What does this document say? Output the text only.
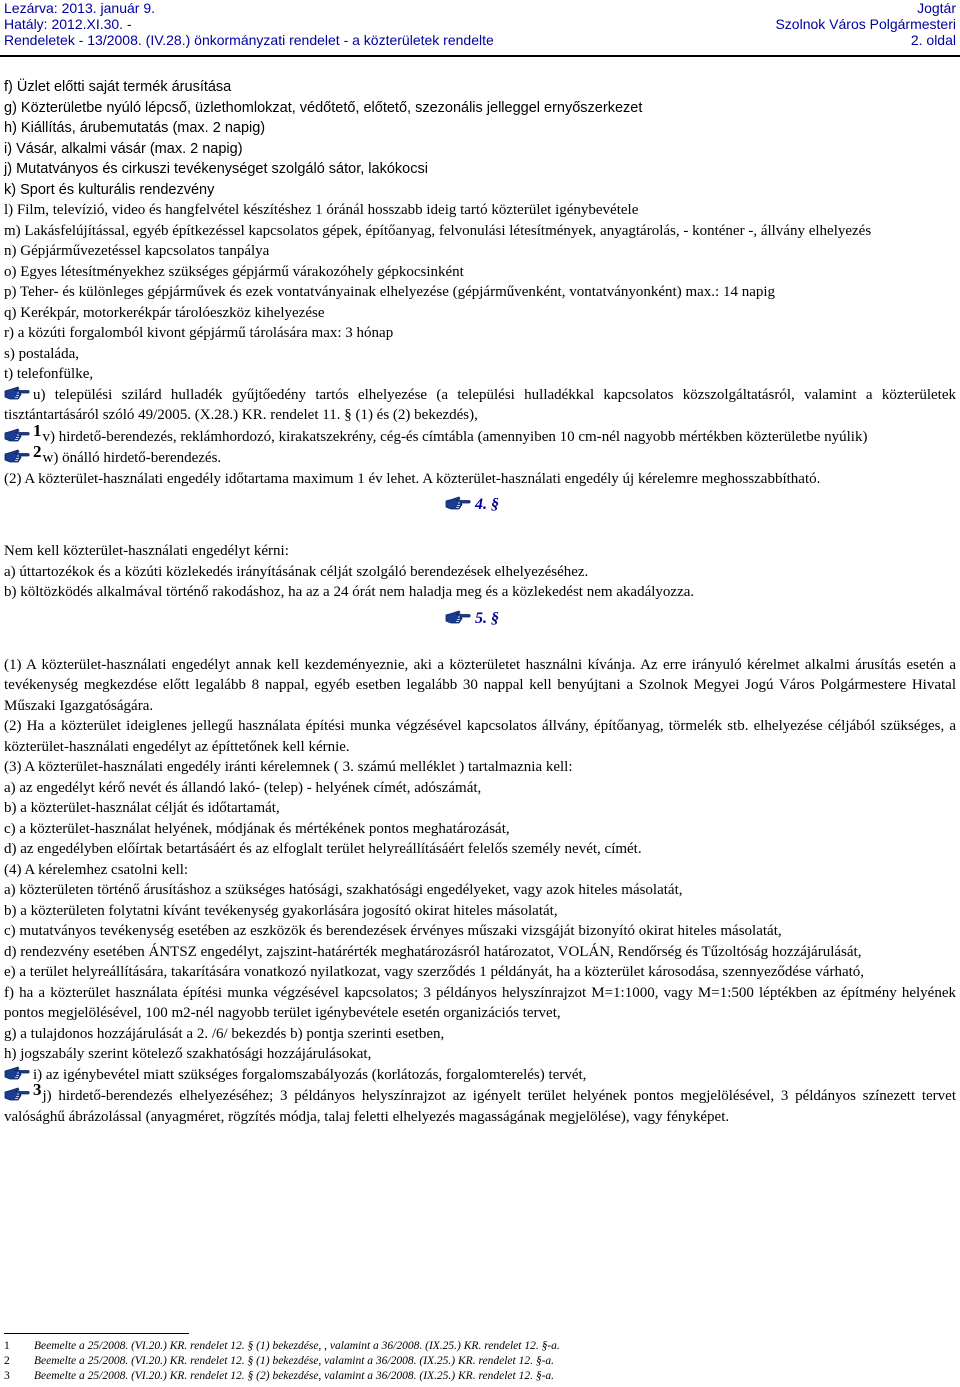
Lezárva: 2013. január 9.
Hatály: 2012.XI.30. -
Rendeletek - 13/2008. (IV.28.) önkormányzati rendelet - a közterületek rendelte
Jogtár
Szolnok Város Polgármesteri
2. oldal

f) Üzlet előtti saját termék árusítása

g) Közterületbe nyúló lépcső, üzlethomlokzat, védőtető, előtető, szezonális jelleggel ernyőszerkezet

h) Kiállítás, árubemutatás (max. 2 napig)

i) Vásár, alkalmi vásár (max. 2 napig)

j) Mutatványos és cirkuszi tevékenységet szolgáló sátor, lakókocsi

k) Sport és kulturális rendezvény

l) Film, televízió, video és hangfelvétel készítéshez 1 óránál hosszabb ideig tartó közterület igénybevétele

m) Lakásfelújítással, egyéb építkezéssel kapcsolatos gépek, építőanyag, felvonulási létesítmények, anyagtárolás, - konténer -, állvány elhelyezés

n) Gépjárművezetéssel kapcsolatos tanpálya

o) Egyes létesítményekhez szükséges gépjármű várakozóhely gépkocsinként

p) Teher- és különleges gépjárművek és ezek vontatványainak elhelyezése (gépjárművenként, vontatványonként) max.: 14 napig

q) Kerékpár, motorkerékpár tárolóeszköz kihelyezése

r) a közúti forgalomból kivont gépjármű tárolására max: 3 hónap

s) postaláda,

t) telefonfülke,

u) települési szilárd hulladék gyűjtőedény tartós elhelyezése (a települési hulladékkal kapcsolatos közszolgáltatásról, valamint a közterületek tisztántartásáról szóló 49/2005. (X.28.) KR. rendelet 11. § (1) és (2) bekezdés),

1v) hirdető-berendezés, reklámhordozó, kirakatszekrény, cég-és címtábla (amennyiben 10 cm-nél nagyobb mértékben közterületbe nyúlik)

2w) önálló hirdető-berendezés.

(2) A közterület-használati engedély időtartama maximum 1 év lehet. A közterület-használati engedély új kérelemre meghosszabbítható.

4. §

Nem kell közterület-használati engedélyt kérni:

a) úttartozékok és a közúti közlekedés irányításának célját szolgáló berendezések elhelyezéséhez.

b) költözködés alkalmával történő rakodáshoz, ha az a 24 órát nem haladja meg és a közlekedést nem akadályozza.

5. §

(1) A közterület-használati engedélyt annak kell kezdeményeznie, aki a közterületet használni kívánja. Az erre irányuló kérelmet alkalmi árusítás esetén a tevékenység megkezdése előtt legalább 8 nappal, egyéb esetben legalább 30 nappal kell benyújtani a Szolnok Megyei Jogú Város Polgármestere Hivatal Műszaki Igazgatóságára.

(2) Ha a közterület ideiglenes jellegű használata építési munka végzésével kapcsolatos állvány, építőanyag, törmelék stb. elhelyezése céljából szükséges, a közterület-használati engedélyt az építtetőnek kell kérnie.

(3) A közterület-használati engedély iránti kérelemnek ( 3. számú melléklet ) tartalmaznia kell:

a) az engedélyt kérő nevét és állandó lakó- (telep) - helyének címét, adószámát,

b) a közterület-használat célját és időtartamát,

c) a közterület-használat helyének, módjának és mértékének pontos meghatározását,

d) az engedélyben előírtak betartásáért és az elfoglalt terület helyreállításáért felelős személy nevét, címét.

(4) A kérelemhez csatolni kell:

a) közterületen történő árusításhoz a szükséges hatósági, szakhatósági engedélyeket, vagy azok hiteles másolatát,

b) a közterületen folytatni kívánt tevékenység gyakorlására jogosító okirat hiteles másolatát,

c) mutatványos tevékenység esetében az eszközök és berendezések érvényes műszaki vizsgáját bizonyító okirat hiteles másolatát,

d) rendezvény esetében ÁNTSZ engedélyt, zajszint-határérték meghatározásról határozatot, VOLÁN, Rendőrség és Tűzoltóság hozzájárulását,

e) a terület helyreállítására, takarítására vonatkozó nyilatkozat, vagy szerződés 1 példányát, ha a közterület károsodása, szennyeződése várható,

f) ha a közterület használata építési munka végzésével kapcsolatos; 3 példányos helyszínrajzot M=1:1000, vagy M=1:500 léptékben az építmény helyének pontos megjelölésével, 100 m2-nél nagyobb terület igénybevétele esetén organizációs tervet,

g) a tulajdonos hozzájárulását a 2. /6/ bekezdés b) pontja szerinti esetben,

h) jogszabály szerint kötelező szakhatósági hozzájárulásokat,

i) az igénybevétel miatt szükséges forgalomszabályozás (korlátozás, forgalomterelés) tervét,

3j) hirdető-berendezés elhelyezéséhez; 3 példányos helyszínrajzot az igényelt terület helyének pontos megjelölésével, 3 példányos színezett tervet valósághű ábrázolással (anyagméret, rögzítés módja, talaj feletti elhelyezés magasságának megjelölése), vagy fényképet.

1	Beemelte a 25/2008. (VI.20.) KR. rendelet 12. § (1) bekezdése, , valamint a 36/2008. (IX.25.) KR. rendelet 12. §-a.
2	Beemelte a 25/2008. (VI.20.) KR. rendelet 12. § (1) bekezdése, valamint a 36/2008. (IX.25.) KR. rendelet 12. §-a.
3	Beemelte a 25/2008. (VI.20.) KR. rendelet 12. § (2) bekezdése, valamint a 36/2008. (IX.25.) KR. rendelet 12. §-a.
